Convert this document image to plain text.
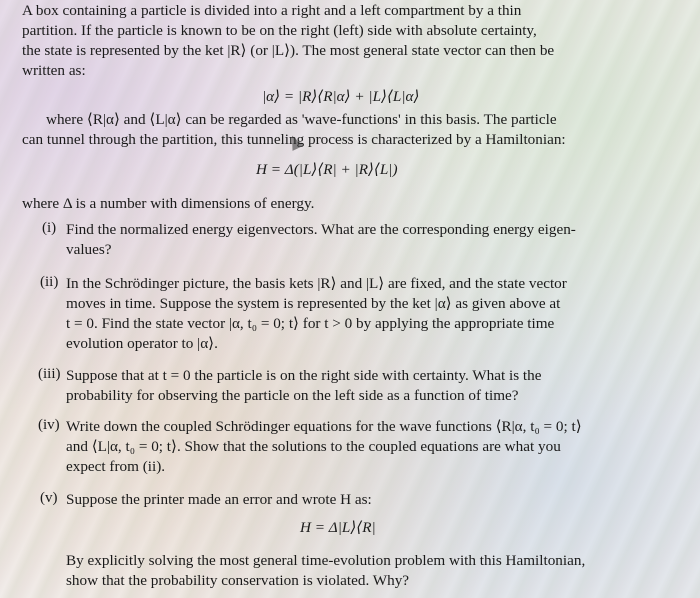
A box containing a particle is divided into a right and a left compartment by a thin
partition. If the particle is known to be on the right (left) side with absolute certainty,
the state is represented by the ket |R⟩ (or |L⟩). The most general state vector can then be
written as:
|α⟩ = |R⟩⟨R|α⟩ + |L⟩⟨L|α⟩
where ⟨R|α⟩ and ⟨L|α⟩ can be regarded as 'wave-functions' in this basis. The particle
can tunnel through the partition, this tunneling process is characterized by a Hamiltonian:
H = Δ(|L⟩⟨R| + |R⟩⟨L|)
where Δ is a number with dimensions of energy.
(i) Find the normalized energy eigenvectors. What are the corresponding energy eigen-
values?
(ii) In the Schrödinger picture, the basis kets |R⟩ and |L⟩ are fixed, and the state vector
moves in time. Suppose the system is represented by the ket |α⟩ as given above at
t = 0. Find the state vector |α, t₀ = 0; t⟩ for t > 0 by applying the appropriate time
evolution operator to |α⟩.
(iii) Suppose that at t = 0 the particle is on the right side with certainty. What is the
probability for observing the particle on the left side as a function of time?
(iv) Write down the coupled Schrödinger equations for the wave functions ⟨R|α, t₀ = 0; t⟩
and ⟨L|α, t₀ = 0; t⟩. Show that the solutions to the coupled equations are what you
expect from (ii).
(v) Suppose the printer made an error and wrote H as:
H = Δ|L⟩⟨R|
By explicitly solving the most general time-evolution problem with this Hamiltonian,
show that the probability conservation is violated. Why?
